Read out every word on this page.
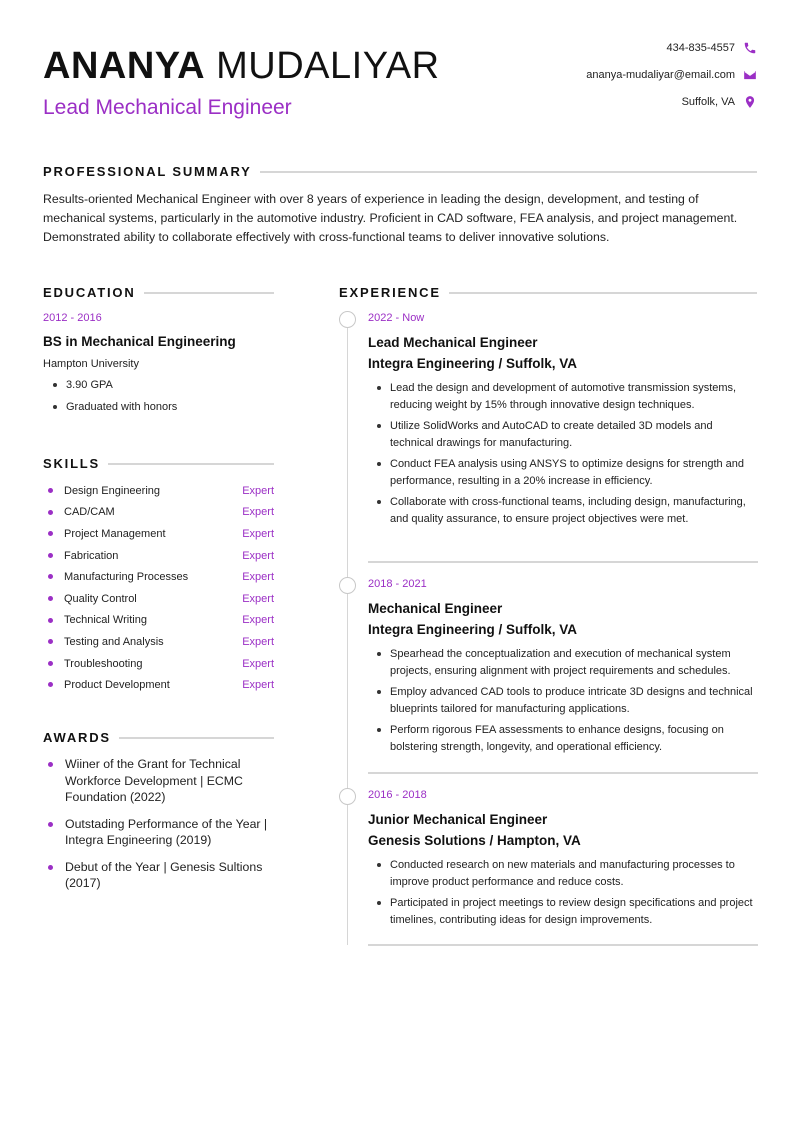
ANANYA MUDALIYAR
Lead Mechanical Engineer
434-835-4557
ananya-mudaliyar@email.com
Suffolk, VA
PROFESSIONAL SUMMARY

Results-oriented Mechanical Engineer with over 8 years of experience in leading the design, development, and testing of mechanical systems, particularly in the automotive industry. Proficient in CAD software, FEA analysis, and project management. Demonstrated ability to collaborate effectively with cross-functional teams to deliver innovative solutions.

EDUCATION
2012 - 2016
BS in Mechanical Engineering
Hampton University
3.90 GPA
Graduated with honors
SKILLS
Design Engineering	Expert
CAD/CAM	Expert
Project Management	Expert
Fabrication	Expert
Manufacturing Processes	Expert
Quality Control	Expert
Technical Writing	Expert
Testing and Analysis	Expert
Troubleshooting	Expert
Product Development	Expert
AWARDS
Wiiner of the Grant for Technical Workforce Development | ECMC Foundation (2022)
Outstading Performance of the Year | Integra Engineering (2019)
Debut of the Year | Genesis Sultions (2017)
EXPERIENCE
2022 - Now
Lead Mechanical Engineer
Integra Engineering / Suffolk, VA
Lead the design and development of automotive transmission systems, reducing weight by 15% through innovative design techniques.
Utilize SolidWorks and AutoCAD to create detailed 3D models and technical drawings for manufacturing.
Conduct FEA analysis using ANSYS to optimize designs for strength and performance, resulting in a 20% increase in efficiency.
Collaborate with cross-functional teams, including design, manufacturing, and quality assurance, to ensure project objectives were met.
2018 - 2021
Mechanical Engineer
Integra Engineering / Suffolk, VA
Spearhead the conceptualization and execution of mechanical system projects, ensuring alignment with project requirements and schedules.
Employ advanced CAD tools to produce intricate 3D designs and technical blueprints tailored for manufacturing applications.
Perform rigorous FEA assessments to enhance designs, focusing on bolstering strength, longevity, and operational efficiency.
2016 - 2018
Junior Mechanical Engineer
Genesis Solutions / Hampton, VA
Conducted research on new materials and manufacturing processes to improve product performance and reduce costs.
Participated in project meetings to review design specifications and project timelines, contributing ideas for design improvements.
